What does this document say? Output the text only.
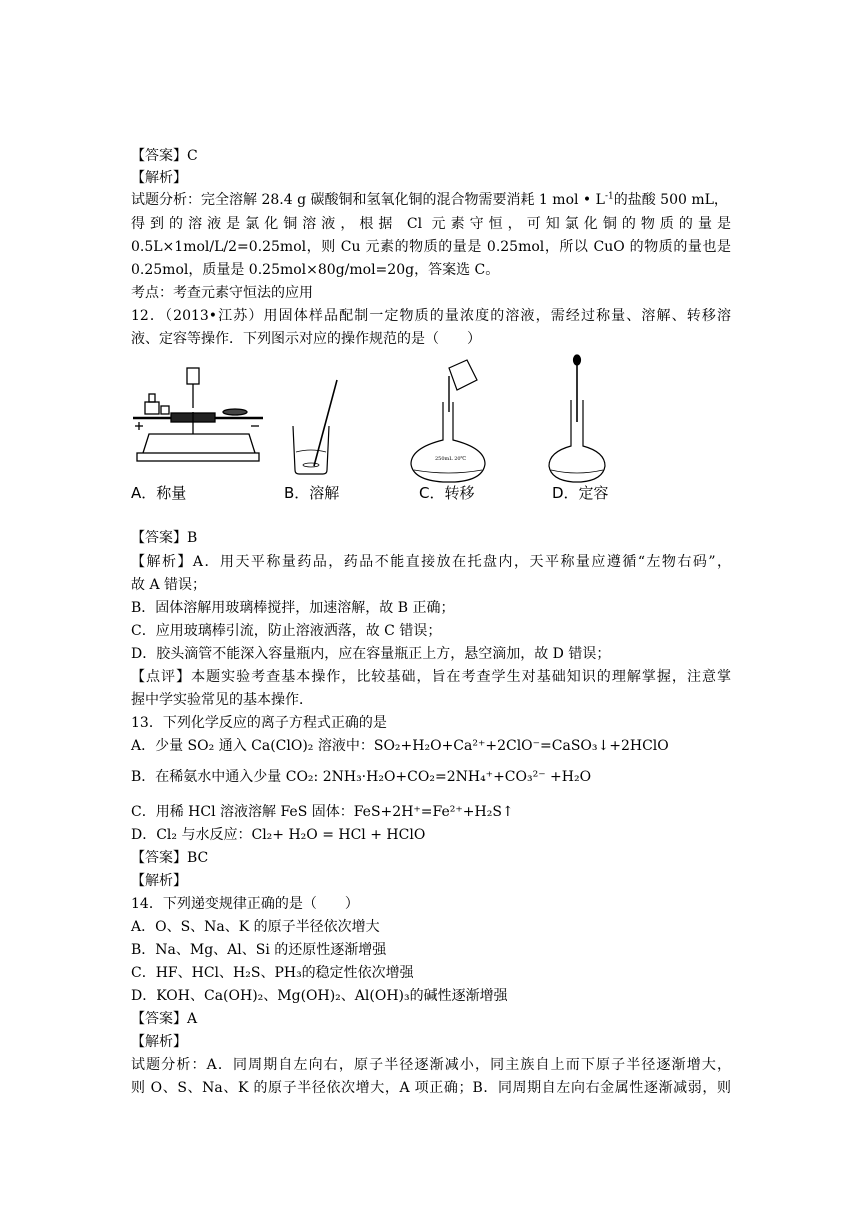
【答案】C
【解析】
试题分析：完全溶解 28.4 g 碳酸铜和氢氧化铜的混合物需要消耗 1 mol • $L^{-1}$的盐酸 500 mL，
得到的溶液是氯化铜溶液，根据 Cl 元素守恒，可知氯化铜的物质的量是
0.5L×1mol/L/2=0.25mol，则 Cu 元素的物质的量是 0.25mol，所以 CuO 的物质的量也是
0.25mol，质量是 0.25mol×80g/mol=20g，答案选 C。
考点：考查元素守恒法的应用
12．（2013•江苏）用固体样品配制一定物质的量浓度的溶液，需经过称量、溶解、转移溶
液、定容等操作．下列图示对应的操作规范的是（　　）
250mL 20℃
A．称量	B．溶解	C．转移	D．定容
【答案】B
【解析】A．用天平称量药品，药品不能直接放在托盘内，天平称量应遵循“左物右码”，
故 A 错误；
B．固体溶解用玻璃棒搅拌，加速溶解，故 B 正确；
C．应用玻璃棒引流，防止溶液洒落，故 C 错误；
D．胶头滴管不能深入容量瓶内，应在容量瓶正上方，悬空滴加，故 D 错误；
【点评】本题实验考查基本操作，比较基础，旨在考查学生对基础知识的理解掌握，注意掌
握中学实验常见的基本操作．
13．下列化学反应的离子方程式正确的是
A．少量 SO₂ 通入 Ca(ClO)₂ 溶液中：SO₂+H₂O+Ca²⁺+2ClO⁻=CaSO₃↓+2HClO
B．在稀氨水中通入少量 CO₂: 2NH₃·H₂O+CO₂=2NH₄⁺+CO₃²⁻ +H₂O
C．用稀 HCl 溶液溶解 FeS 固体：FeS+2H⁺=Fe²⁺+H₂S↑
D．Cl₂ 与水反应：Cl₂+ H₂O = HCl + HClO
【答案】BC
【解析】
14．下列递变规律正确的是（　　）
A．O、S、Na、K 的原子半径依次增大
B．Na、Mg、Al、Si 的还原性逐渐增强
C．HF、HCl、H₂S、PH₃的稳定性依次增强
D．KOH、Ca(OH)₂、Mg(OH)₂、Al(OH)₃的碱性逐渐增强
【答案】A
【解析】
试题分析：A．同周期自左向右，原子半径逐渐减小，同主族自上而下原子半径逐渐增大，
则 O、S、Na、K 的原子半径依次增大，A 项正确；B．同周期自左向右金属性逐渐减弱，则
